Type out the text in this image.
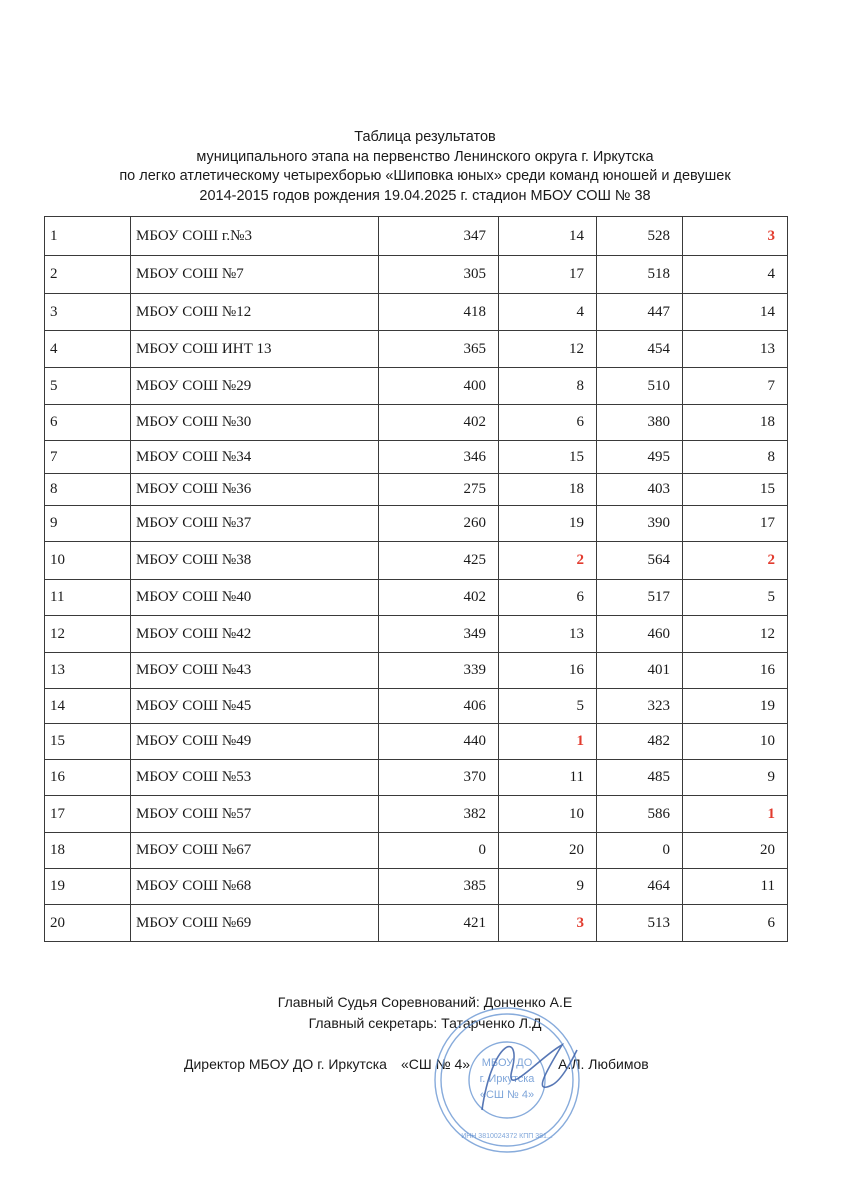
Таблица результатов
муниципального этапа на первенство Ленинского округа г. Иркутска
по легко атлетическому четырехборью «Шиповка юных» среди команд юношей и девушек
2014-2015 годов рождения 19.04.2025 г. стадион МБОУ СОШ № 38
1	МБОУ СОШ г.№3	347	14	528	3
2	МБОУ СОШ №7	305	17	518	4
3	МБОУ СОШ №12	418	4	447	14
4	МБОУ СОШ ИНТ 13	365	12	454	13
5	МБОУ СОШ №29	400	8	510	7
6	МБОУ СОШ №30	402	6	380	18
7	МБОУ СОШ №34	346	15	495	8
8	МБОУ СОШ №36	275	18	403	15
9	МБОУ СОШ №37	260	19	390	17
10	МБОУ СОШ №38	425	2	564	2
11	МБОУ СОШ №40	402	6	517	5
12	МБОУ СОШ №42	349	13	460	12
13	МБОУ СОШ №43	339	16	401	16
14	МБОУ СОШ №45	406	5	323	19
15	МБОУ СОШ №49	440	1	482	10
16	МБОУ СОШ №53	370	11	485	9
17	МБОУ СОШ №57	382	10	586	1
18	МБОУ СОШ №67	0	20	0	20
19	МБОУ СОШ №68	385	9	464	11
20	МБОУ СОШ №69	421	3	513	6
Главный Судья Соревнований: Донченко А.Е
Главный секретарь: Татарченко Л.Д
Директор МБОУ ДО г. Иркутска «СШ № 4»	А.Л. Любимов
МБОУ ДО
г. Иркутска
«СШ № 4»
ИНН 3810024372 КПП 381...
